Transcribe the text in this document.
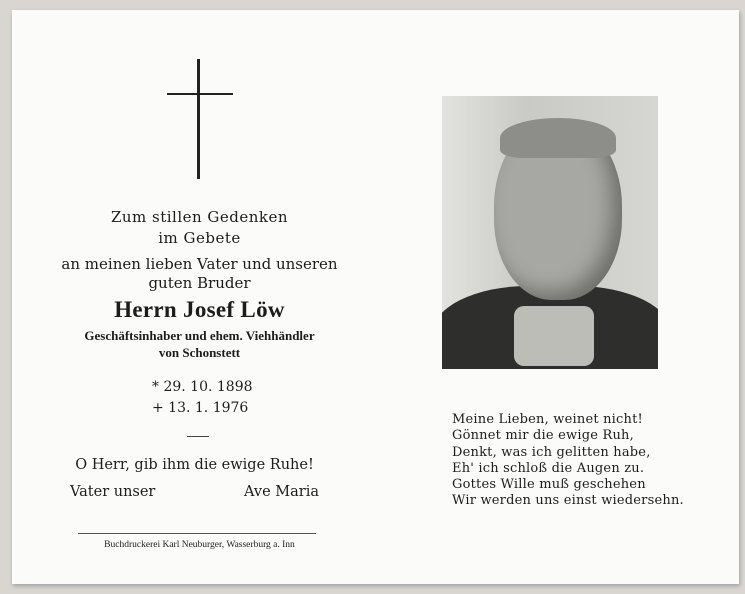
Zum stillen Gedenken
im Gebete
an meinen lieben Vater und unseren
guten Bruder
Herrn Josef Löw
Geschäftsinhaber und ehem. Viehhändler
von Schonstett
* 29. 10. 1898
+ 13. 1. 1976
O Herr, gib ihm die ewige Ruhe!
Vater unser	Ave Maria
Buchdruckerei Karl Neuburger, Wasserburg a. Inn
Meine Lieben, weinet nicht!
Gönnet mir die ewige Ruh,
Denkt, was ich gelitten habe,
Eh' ich schloß die Augen zu.
Gottes Wille muß geschehen
Wir werden uns einst wiedersehn.
